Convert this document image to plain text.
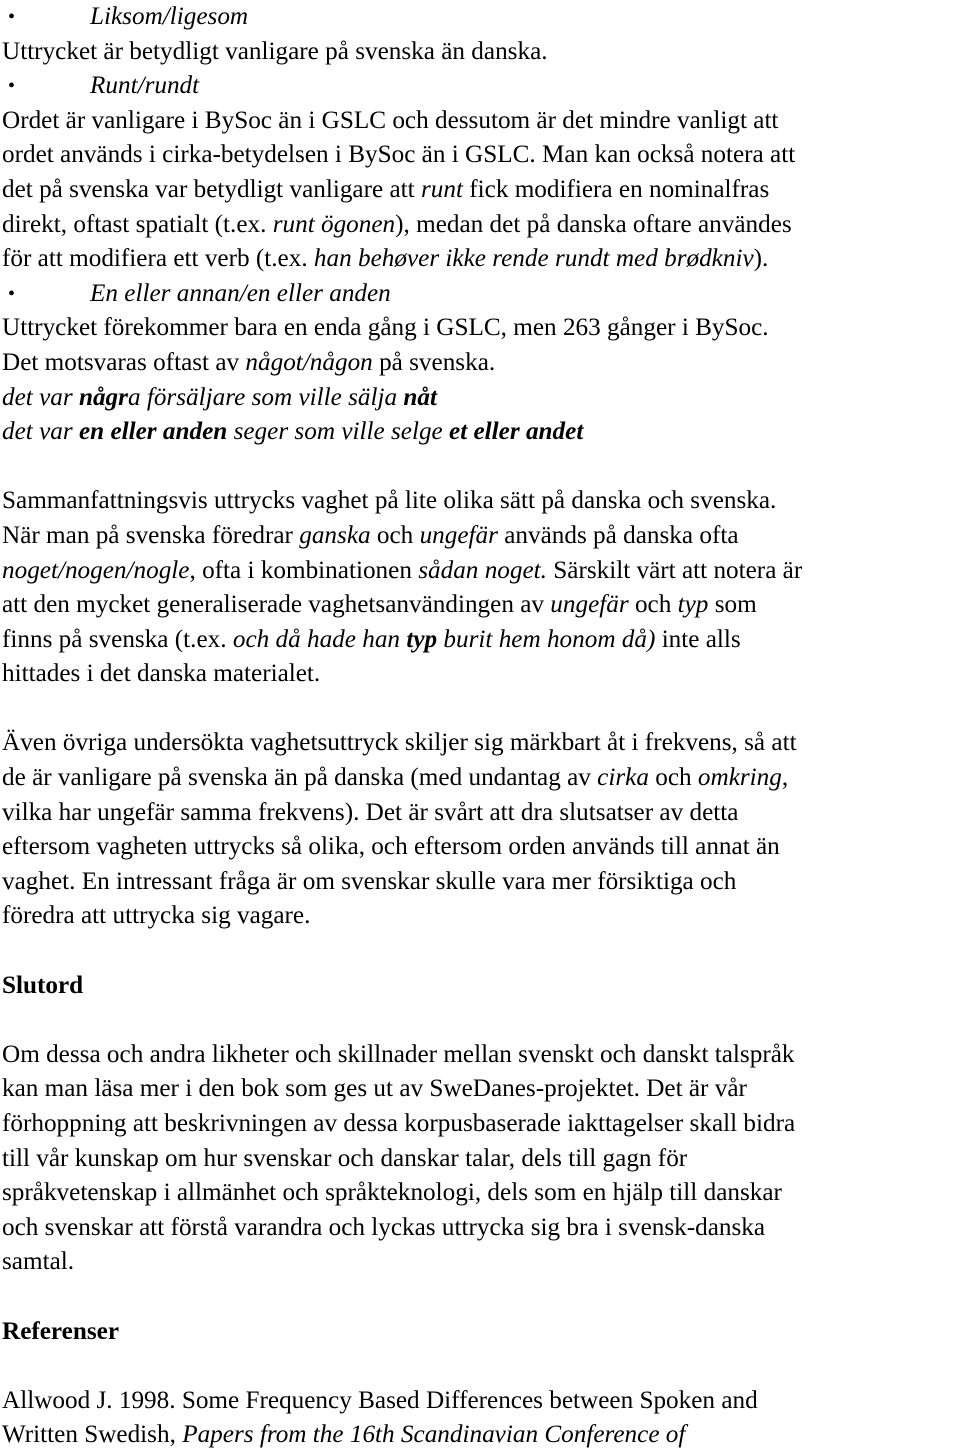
•	Liksom/ligesom
Uttrycket är betydligt vanligare på svenska än danska.
•	Runt/rundt
Ordet är vanligare i BySoc än i GSLC och dessutom är det mindre vanligt att
ordet används i cirka-betydelsen i BySoc än i GSLC. Man kan också notera att
det på svenska var betydligt vanligare att runt fick modifiera en nominalfras
direkt, oftast spatialt (t.ex. runt ögonen), medan det på danska oftare användes
för att modifiera ett verb (t.ex. han behøver ikke rende rundt med brødkniv).
•	En eller annan/en eller anden
Uttrycket förekommer bara en enda gång i GSLC, men 263 gånger i BySoc.
Det motsvaras oftast av något/någon på svenska.
det var några försäljare som ville sälja nåt
det var en eller anden seger som ville selge et eller andet
Sammanfattningsvis uttrycks vaghet på lite olika sätt på danska och svenska.
När man på svenska föredrar ganska och ungefär används på danska ofta
noget/nogen/nogle, ofta i kombinationen sådan noget. Särskilt värt att notera är
att den mycket generaliserade vaghetsanvändingen av ungefär och typ som
finns på svenska (t.ex. och då hade han typ burit hem honom då) inte alls
hittades i det danska materialet.
Även övriga undersökta vaghetsuttryck skiljer sig märkbart åt i frekvens, så att
de är vanligare på svenska än på danska (med undantag av cirka och omkring,
vilka har ungefär samma frekvens). Det är svårt att dra slutsatser av detta
eftersom vagheten uttrycks så olika, och eftersom orden används till annat än
vaghet. En intressant fråga är om svenskar skulle vara mer försiktiga och
föredra att uttrycka sig vagare.
Slutord
Om dessa och andra likheter och skillnader mellan svenskt och danskt talspråk
kan man läsa mer i den bok som ges ut av SweDanes-projektet. Det är vår
förhoppning att beskrivningen av dessa korpusbaserade iakttagelser skall bidra
till vår kunskap om hur svenskar och danskar talar, dels till gagn för
språkvetenskap i allmänhet och språkteknologi, dels som en hjälp till danskar
och svenskar att förstå varandra och lyckas uttrycka sig bra i svensk-danska
samtal.
Referenser
Allwood J. 1998. Some Frequency Based Differences between Spoken and
Written Swedish, Papers from the 16th Scandinavian Conference of
